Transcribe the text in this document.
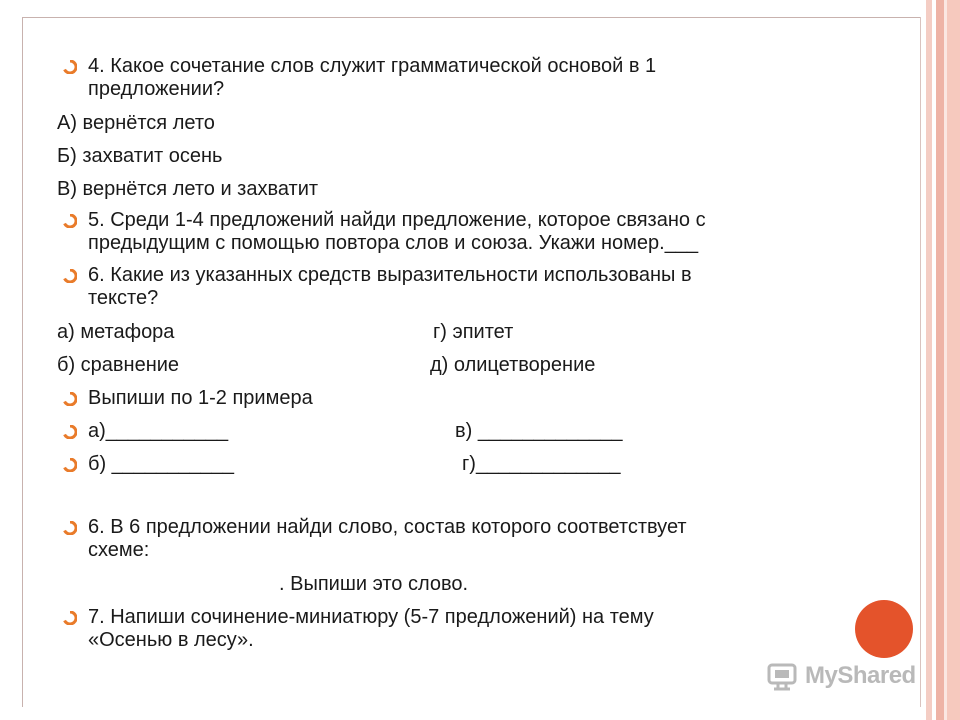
4. Какое сочетание слов служит грамматической основой в 1
предложении?
А) вернётся лето
Б) захватит осень
В) вернётся лето и захватит
5. Среди 1-4 предложений найди предложение, которое связано с
предыдущим с помощью повтора слов и союза. Укажи номер.___
6. Какие из указанных средств выразительности использованы в
тексте?
а) метафора	г) эпитет
б) сравнение	д) олицетворение
Выпиши по 1-2 примера
а)___________	в) _____________
б) ___________	г)_____________
6. В 6 предложении найди слово, состав которого соответствует
схеме:
. Выпиши это слово.
7. Напиши сочинение-миниатюру (5-7 предложений) на тему
«Осенью в лесу».
MyShared
